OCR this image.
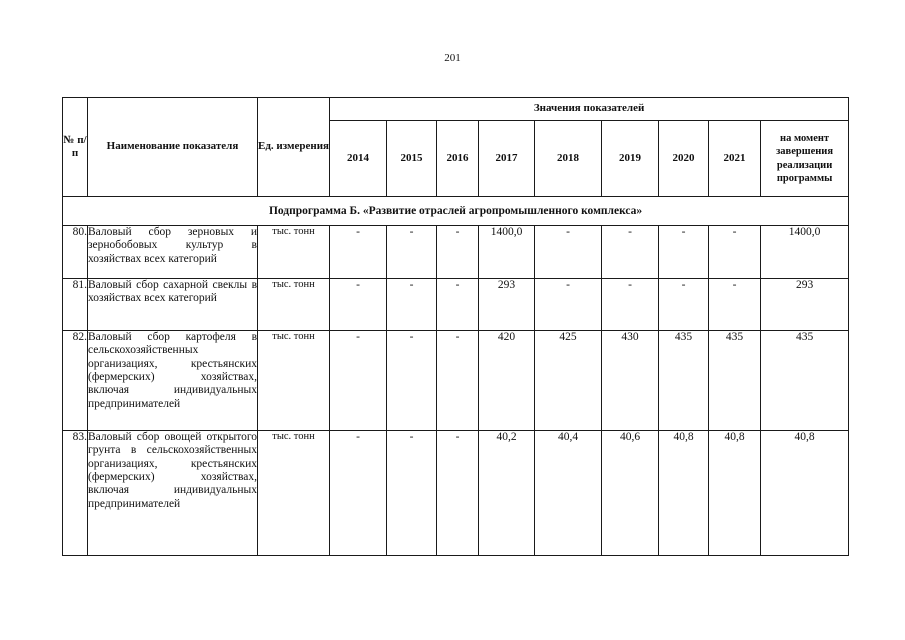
201
№ п/п	Наименование показателя	Ед. измерения	Значения показателей								
			2014	2015	2016	2017	2018	2019	2020	2021	на момент завершения реализации программы
Подпрограмма Б. «Развитие отраслей агропромышленного комплекса»											
80.	Валовый сбор зерновых и зернобобовых культур в хозяйствах всех категорий	тыс. тонн	-	-	-	1400,0	-	-	-	-	1400,0
81.	Валовый сбор сахарной свеклы в хозяйствах всех категорий	тыс. тонн	-	-	-	293	-	-	-	-	293
82.	Валовый сбор картофеля в сельскохозяйственных организациях, крестьянских (фермерских) хозяйствах, включая индивидуальных предпринимателей	тыс. тонн	-	-	-	420	425	430	435	435	435
83.	Валовый сбор овощей открытого грунта в сельскохозяйственных организациях, крестьянских (фермерских) хозяйствах, включая индивидуальных предпринимателей	тыс. тонн	-	-	-	40,2	40,4	40,6	40,8	40,8	40,8
